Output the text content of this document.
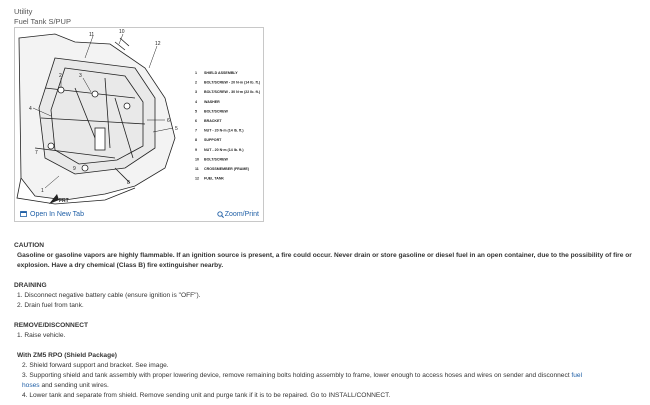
Utility
Fuel Tank S/PUP
10
11
12
2	3
4
5
6
7
8
9
1
FRT
1 SHIELD ASSEMBLY
2 BOLT/SCREW - 20 N·m (14 lb. ft.)
3 BOLT/SCREW - 30 N·m (22 lb. ft.)
4 WASHER
5 BOLT/SCREW
6 BRACKET
7 NUT - 20 N·m (14 lb. ft.)
8 SUPPORT
9 NUT - 20 N·m (14 lb. ft.)
10 BOLT/SCREW
11 CROSSMEMBER (FRAME)
12 FUEL TANK
Open In New Tab	Zoom/Print

CAUTION

Gasoline or gasoline vapors are highly flammable. If an ignition source is present, a fire could occur. Never drain or store gasoline or diesel fuel in an open container, due to the possibility of fire or explosion. Have a dry chemical (Class B) fire extinguisher nearby.

DRAINING

1. Disconnect negative battery cable (ensure ignition is "OFF").

2. Drain fuel from tank.

REMOVE/DISCONNECT

1. Raise vehicle.

With ZM5 RPO (Shield Package)

2. Shield forward support and bracket. See image.

3. Supporting shield and tank assembly with proper lowering device, remove remaining bolts holding assembly to frame, lower enough to access hoses and wires on sender and disconnect fuel
hoses and sending unit wires.

4. Lower tank and separate from shield. Remove sending unit and purge tank if it is to be repaired. Go to INSTALL/CONNECT.
